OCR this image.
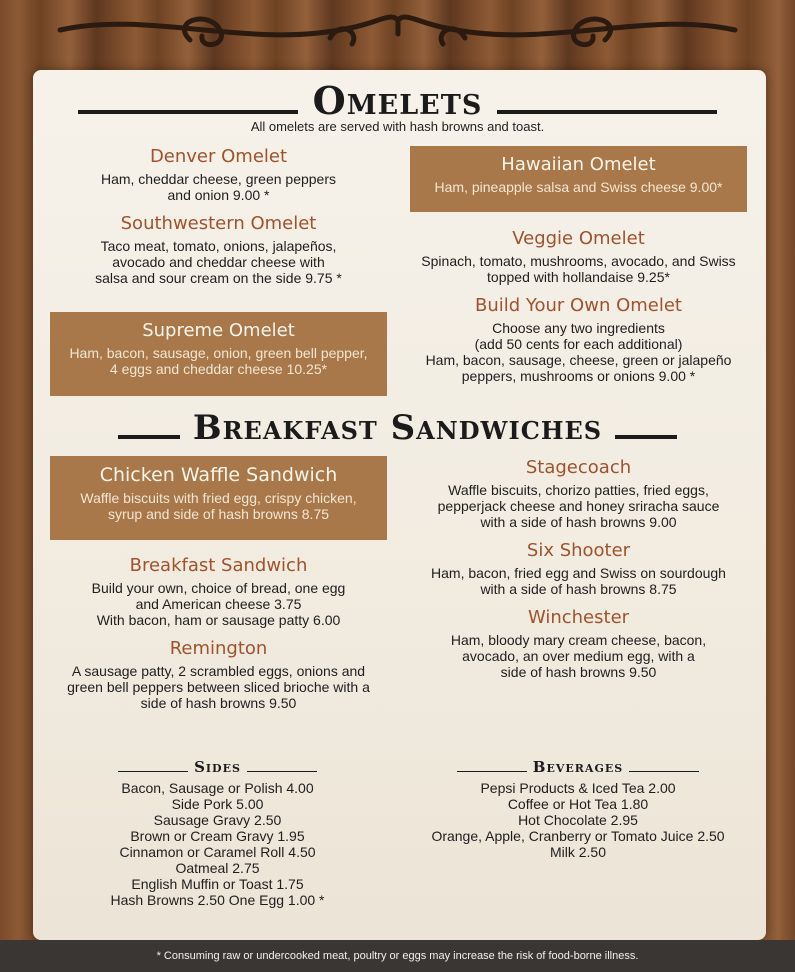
Omelets
All omelets are served with hash browns and toast.
Denver Omelet
Ham, cheddar cheese, green peppers
and onion 9.00 *
Southwestern Omelet
Taco meat, tomato, onions, jalapeños,
avocado and cheddar cheese with
salsa and sour cream on the side 9.75 *
Supreme Omelet
Ham, bacon, sausage, onion, green bell pepper,
4 eggs and cheddar cheese 10.25*
Hawaiian Omelet
Ham, pineapple salsa and Swiss cheese 9.00*
Veggie Omelet
Spinach, tomato, mushrooms, avocado, and Swiss
topped with hollandaise 9.25*
Build Your Own Omelet
Choose any two ingredients
(add 50 cents for each additional)
Ham, bacon, sausage, cheese, green or jalapeño
peppers, mushrooms or onions 9.00 *
Breakfast Sandwiches
Chicken Waffle Sandwich
Waffle biscuits with fried egg, crispy chicken,
syrup and side of hash browns 8.75
Breakfast Sandwich
Build your own, choice of bread, one egg
and American cheese 3.75
With bacon, ham or sausage patty 6.00
Remington
A sausage patty, 2 scrambled eggs, onions and
green bell peppers between sliced brioche with a
side of hash browns 9.50
Stagecoach
Waffle biscuits, chorizo patties, fried eggs,
pepperjack cheese and honey sriracha sauce
with a side of hash browns 9.00
Six Shooter
Ham, bacon, fried egg and Swiss on sourdough
with a side of hash browns 8.75
Winchester
Ham, bloody mary cream cheese, bacon,
avocado, an over medium egg, with a
side of hash browns 9.50
Sides
Bacon, Sausage or Polish 4.00
Side Pork 5.00
Sausage Gravy 2.50
Brown or Cream Gravy 1.95
Cinnamon or Caramel Roll 4.50
Oatmeal 2.75
English Muffin or Toast 1.75
Hash Browns 2.50 One Egg 1.00 *
Beverages
Pepsi Products & Iced Tea 2.00
Coffee or Hot Tea 1.80
Hot Chocolate 2.95
Orange, Apple, Cranberry or Tomato Juice 2.50
Milk 2.50
* Consuming raw or undercooked meat, poultry or eggs may increase the risk of food-borne illness.
